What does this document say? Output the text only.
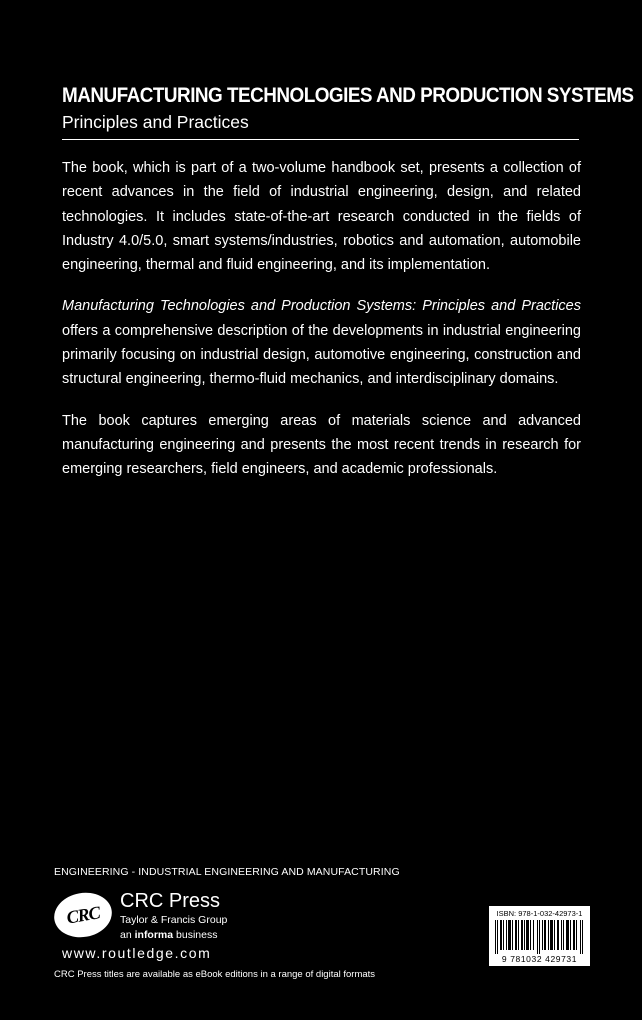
MANUFACTURING TECHNOLOGIES AND PRODUCTION SYSTEMS
Principles and Practices

The book, which is part of a two-volume handbook set, presents a collection of recent advances in the field of industrial engineering, design, and related technologies. It includes state-of-the-art research conducted in the fields of Industry 4.0/5.0, smart systems/industries, robotics and automation, automobile engineering, thermal and fluid engineering, and its implementation.

Manufacturing Technologies and Production Systems: Principles and Practices offers a comprehensive description of the developments in industrial engineering primarily focusing on industrial design, automotive engineering, construction and structural engineering, thermo-fluid mechanics, and interdisciplinary domains.

The book captures emerging areas of materials science and advanced manufacturing engineering and presents the most recent trends in research for emerging researchers, field engineers, and academic professionals.

ENGINEERING - INDUSTRIAL ENGINEERING AND MANUFACTURING
CRC
CRC Press
Taylor & Francis Group
an informa business
www.routledge.com
CRC Press titles are available as eBook editions in a range of digital formats
ISBN: 978-1-032-42973-1
9 781032 429731
